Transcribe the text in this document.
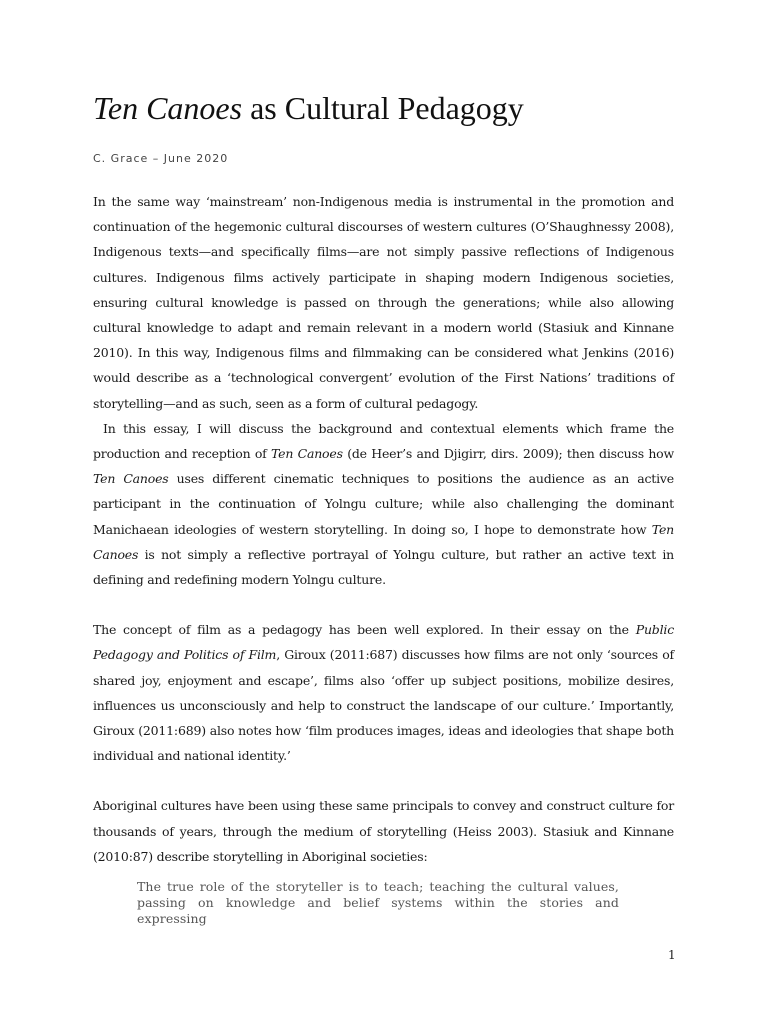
Ten Canoes as Cultural Pedagogy
C. Grace – June 2020

In the same way ‘mainstream’ non-Indigenous media is instrumental in the promotion and continuation of the hegemonic cultural discourses of western cultures (O’Shaughnessy 2008), Indigenous texts—and specifically films—are not simply passive reflections of Indigenous cultures. Indigenous films actively participate in shaping modern Indigenous societies, ensuring cultural knowledge is passed on through the generations; while also allowing cultural knowledge to adapt and remain relevant in a modern world (Stasiuk and Kinnane 2010). In this way, Indigenous films and filmmaking can be considered what Jenkins (2016) would describe as a ‘technological convergent’ evolution of the First Nations’ traditions of storytelling—and as such, seen as a form of cultural pedagogy.

In this essay, I will discuss the background and contextual elements which frame the production and reception of Ten Canoes (de Heer’s and Djigirr, dirs. 2009); then discuss how Ten Canoes uses different cinematic techniques to positions the audience as an active participant in the continuation of Yolngu culture; while also challenging the dominant Manichaean ideologies of western storytelling. In doing so, I hope to demonstrate how Ten Canoes is not simply a reflective portrayal of Yolngu culture, but rather an active text in defining and redefining modern Yolngu culture.

The concept of film as a pedagogy has been well explored. In their essay on the Public Pedagogy and Politics of Film, Giroux (2011:687) discusses how films are not only ‘sources of shared joy, enjoyment and escape’, films also ‘offer up subject positions, mobilize desires, influences us unconsciously and help to construct the landscape of our culture.’ Importantly, Giroux (2011:689) also notes how ‘film produces images, ideas and ideologies that shape both individual and national identity.’

Aboriginal cultures have been using these same principals to convey and construct culture for thousands of years, through the medium of storytelling (Heiss 2003). Stasiuk and Kinnane (2010:87) describe storytelling in Aboriginal societies:

The true role of the storyteller is to teach; teaching the cultural values, passing on knowledge and belief systems within the stories and expressing

1
